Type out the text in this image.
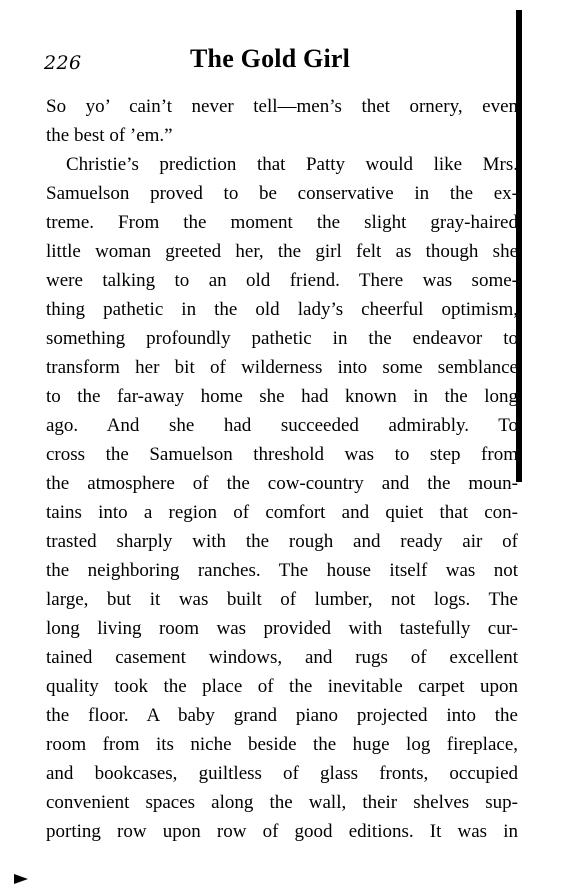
226	The Gold Girl
So yo’ cain’t never tell—men’s thet ornery, even
the best of ’em.”
Christie’s prediction that Patty would like Mrs.
Samuelson proved to be conservative in the ex-
treme. From the moment the slight gray-haired
little woman greeted her, the girl felt as though she
were talking to an old friend. There was some-
thing pathetic in the old lady’s cheerful optimism,
something profoundly pathetic in the endeavor to
transform her bit of wilderness into some semblance
to the far-away home she had known in the long
ago. And she had succeeded admirably. To
cross the Samuelson threshold was to step from
the atmosphere of the cow-country and the moun-
tains into a region of comfort and quiet that con-
trasted sharply with the rough and ready air of
the neighboring ranches. The house itself was not
large, but it was built of lumber, not logs. The
long living room was provided with tastefully cur-
tained casement windows, and rugs of excellent
quality took the place of the inevitable carpet upon
the floor. A baby grand piano projected into the
room from its niche beside the huge log fireplace,
and bookcases, guiltless of glass fronts, occupied
convenient spaces along the wall, their shelves sup-
porting row upon row of good editions. It was in
